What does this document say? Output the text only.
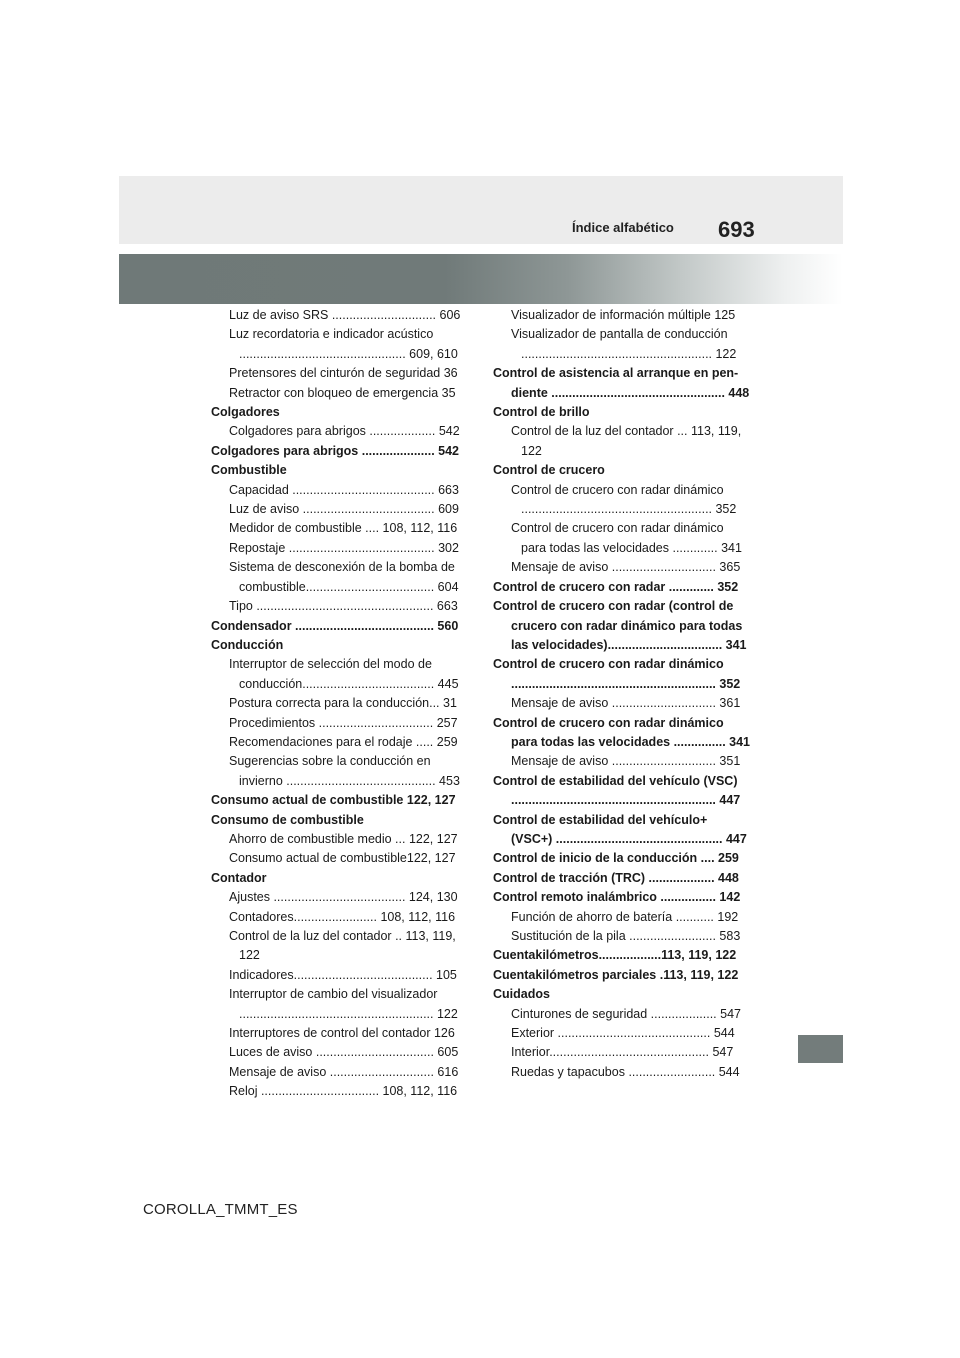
693
Índice alfabético
Luz de aviso SRS .............................. 606
Luz recordatoria e indicador acústico
................................................ 609, 610
Pretensores del cinturón de seguridad 36
Retractor con bloqueo de emergencia 35
Colgadores
Colgadores para abrigos ................... 542
Colgadores para abrigos ..................... 542
Combustible
Capacidad ......................................... 663
Luz de aviso ...................................... 609
Medidor de combustible .... 108, 112, 116
Repostaje .......................................... 302
Sistema de desconexión de la bomba de
combustible..................................... 604
Tipo ................................................... 663
Condensador ........................................ 560
Conducción
Interruptor de selección del modo de
conducción...................................... 445
Postura correcta para la conducción... 31
Procedimientos ................................. 257
Recomendaciones para el rodaje ..... 259
Sugerencias sobre la conducción en
invierno ........................................... 453
Consumo actual de combustible 122, 127
Consumo de combustible
Ahorro de combustible medio ... 122, 127
Consumo actual de combustible122, 127
Contador
Ajustes ...................................... 124, 130
Contadores........................ 108, 112, 116
Control de la luz del contador .. 113, 119,
122
Indicadores........................................ 105
Interruptor de cambio del visualizador
........................................................ 122
Interruptores de control del contador 126
Luces de aviso .................................. 605
Mensaje de aviso .............................. 616
Reloj .................................. 108, 112, 116
Visualizador de información múltiple 125
Visualizador de pantalla de conducción
....................................................... 122
Control de asistencia al arranque en pen-
diente .................................................. 448
Control de brillo
Control de la luz del contador ... 113, 119,
122
Control de crucero
Control de crucero con radar dinámico
....................................................... 352
Control de crucero con radar dinámico
para todas las velocidades ............. 341
Mensaje de aviso .............................. 365
Control de crucero con radar ............. 352
Control de crucero con radar (control de
crucero con radar dinámico para todas
las velocidades)................................. 341
Control de crucero con radar dinámico
........................................................... 352
Mensaje de aviso .............................. 361
Control de crucero con radar dinámico
para todas las velocidades ............... 341
Mensaje de aviso .............................. 351
Control de estabilidad del vehículo (VSC)
........................................................... 447
Control de estabilidad del vehículo+
(VSC+) ................................................ 447
Control de inicio de la conducción .... 259
Control de tracción (TRC) ................... 448
Control remoto inalámbrico ................ 142
Función de ahorro de batería ........... 192
Sustitución de la pila ......................... 583
Cuentakilómetros..................113, 119, 122
Cuentakilómetros parciales .113, 119, 122
Cuidados
Cinturones de seguridad ................... 547
Exterior ............................................ 544
Interior.............................................. 547
Ruedas y tapacubos ......................... 544
COROLLA_TMMT_ES
